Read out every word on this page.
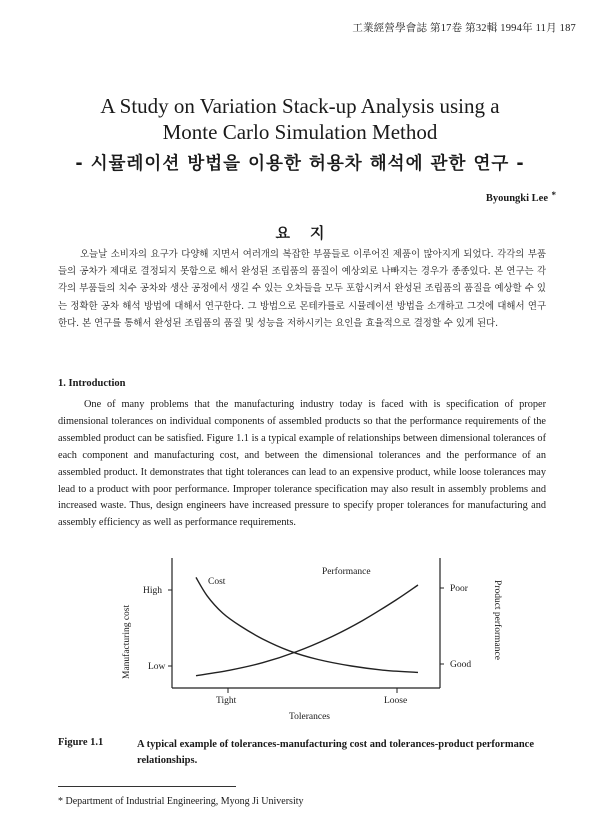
工業經營學會誌 第17卷 第32輯 1994年 11月 187
A Study on Variation Stack-up Analysis using a
Monte Carlo Simulation Method
- 시뮬레이션 방법을 이용한 허용차 해석에 관한 연구 -
Byoungki Lee *
요지
오늘날 소비자의 요구가 다양해 지면서 여러개의 복잡한 부품들로 이루어진 제품이 많아지게 되었다. 각각의 부품들의 공차가 제대로 결정되지 못함으로 해서 완성된 조립품의 품질이 예상외로 나빠지는 경우가 종종있다. 본 연구는 각각의 부품들의 치수 공차와 생산 공정에서 생길 수 있는 오차들을 모두 포함시켜서 완성된 조립품의 품질을 예상할 수 있는 정확한 공차 해석 방법에 대해서 연구한다. 그 방법으로 몬테카를로 시뮬레이션 방법을 소개하고 그것에 대해서 연구한다. 본 연구를 통해서 완성된 조립품의 품질 및 성능을 저하시키는 요인을 효율적으로 결정할 수 있게 된다.
1. Introduction
One of many problems that the manufacturing industry today is faced with is specification of proper dimensional tolerances on individual components of assembled products so that the performance requirements of the assembled product can be satisfied. Figure 1.1 is a typical example of relationships between dimensional tolerances of each component and manufacturing cost, and between the dimensional tolerances and the performance of an assembled product. It demonstrates that tight tolerances can lead to an expensive product, while loose tolerances may lead to a product with poor performance. Improper tolerance specification may also result in assembly problems and increased waste. Thus, design engineers have increased pressure to specify proper tolerances for manufacturing and assembly efficiency as well as performance requirements.
Cost
Performance
High
Low
Poor
Good
Tight	Loose
Tolerances
Manufacturing cost	Product performance
Figure 1.1	A typical example of tolerances-manufacturing cost and tolerances-product performance relationships.
* Department of Industrial Engineering, Myong Ji University
